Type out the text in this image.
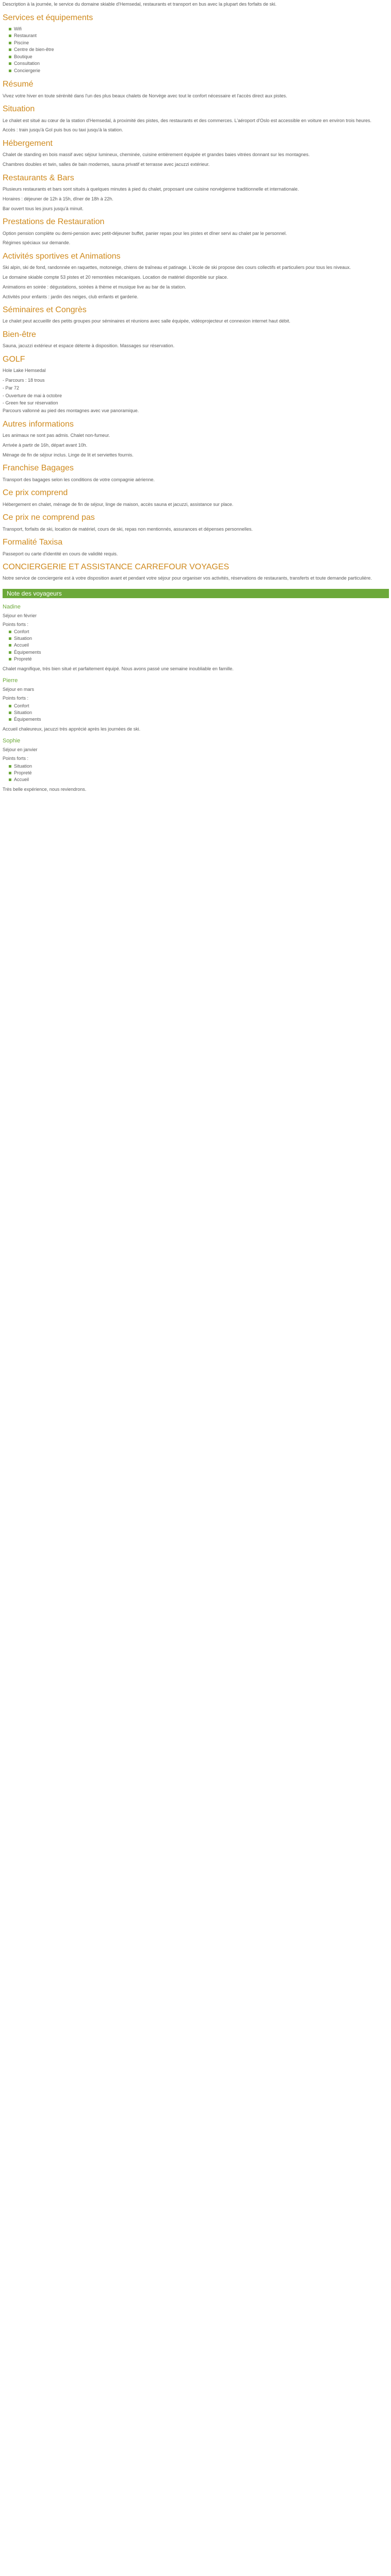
Description à la journée, le service du domaine skiable d'Hemsedal, restaurants et transport en bus avec la plupart des forfaits de ski.

Services et équipements
Wifi
Restaurant
Piscine
Centre de bien-être
Boutique
Consultation
Conciergerie
Résumé

Vivez votre hiver en toute sérénité dans l'un des plus beaux chalets de Norvège avec tout le confort nécessaire et l'accès direct aux pistes.

Situation

Le chalet est situé au cœur de la station d'Hemsedal, à proximité des pistes, des restaurants et des commerces. L'aéroport d'Oslo est accessible en voiture en environ trois heures.

Accès : train jusqu'à Gol puis bus ou taxi jusqu'à la station.

Hébergement

Chalet de standing en bois massif avec séjour lumineux, cheminée, cuisine entièrement équipée et grandes baies vitrées donnant sur les montagnes.

Chambres doubles et twin, salles de bain modernes, sauna privatif et terrasse avec jacuzzi extérieur.

Restaurants & Bars

Plusieurs restaurants et bars sont situés à quelques minutes à pied du chalet, proposant une cuisine norvégienne traditionnelle et internationale.

Horaires : déjeuner de 12h à 15h, dîner de 18h à 22h.

Bar ouvert tous les jours jusqu'à minuit.

Prestations de Restauration

Option pension complète ou demi-pension avec petit-déjeuner buffet, panier repas pour les pistes et dîner servi au chalet par le personnel.

Régimes spéciaux sur demande.

Activités sportives et Animations

Ski alpin, ski de fond, randonnée en raquettes, motoneige, chiens de traîneau et patinage. L'école de ski propose des cours collectifs et particuliers pour tous les niveaux.

Le domaine skiable compte 53 pistes et 20 remontées mécaniques. Location de matériel disponible sur place.

Animations en soirée : dégustations, soirées à thème et musique live au bar de la station.

Activités pour enfants : jardin des neiges, club enfants et garderie.

Séminaires et Congrès

Le chalet peut accueillir des petits groupes pour séminaires et réunions avec salle équipée, vidéoprojecteur et connexion internet haut débit.

Bien-être

Sauna, jacuzzi extérieur et espace détente à disposition. Massages sur réservation.

GOLF

Hole Lake Hemsedal

- Parcours : 18 trous

- Par 72

- Ouverture de mai à octobre

- Green fee sur réservation

Parcours vallonné au pied des montagnes avec vue panoramique.

Autres informations

Les animaux ne sont pas admis. Chalet non-fumeur.

Arrivée à partir de 16h, départ avant 10h.

Ménage de fin de séjour inclus. Linge de lit et serviettes fournis.

Franchise Bagages

Transport des bagages selon les conditions de votre compagnie aérienne.

Ce prix comprend

Hébergement en chalet, ménage de fin de séjour, linge de maison, accès sauna et jacuzzi, assistance sur place.

Ce prix ne comprend pas

Transport, forfaits de ski, location de matériel, cours de ski, repas non mentionnés, assurances et dépenses personnelles.

Formalité Taxisa

Passeport ou carte d'identité en cours de validité requis.

CONCIERGERIE ET ASSISTANCE CARREFOUR VOYAGES

Notre service de conciergerie est à votre disposition avant et pendant votre séjour pour organiser vos activités, réservations de restaurants, transferts et toute demande particulière.

Note des voyageurs
Nadine

Séjour en février

Points forts :

Confort
Situation
Accueil
Équipements
Propreté

Chalet magnifique, très bien situé et parfaitement équipé. Nous avons passé une semaine inoubliable en famille.

Pierre

Séjour en mars

Points forts :

Confort
Situation
Équipements

Accueil chaleureux, jacuzzi très apprécié après les journées de ski.

Sophie

Séjour en janvier

Points forts :

Situation
Propreté
Accueil

Très belle expérience, nous reviendrons.
